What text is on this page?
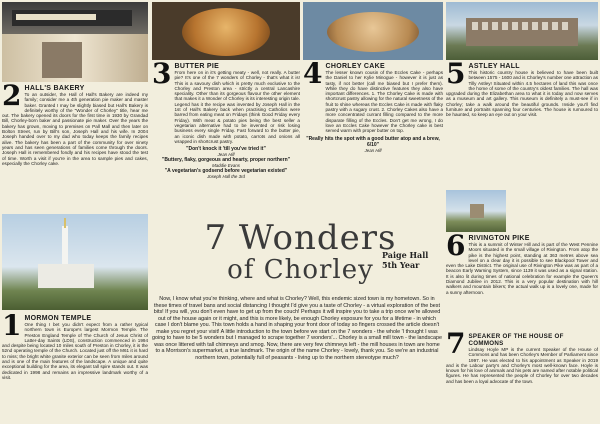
2 HALL'S BAKERY
To an outsider, the Hall of Hall's Bakery are indeed my family; consider me a 4th generation pie maker and master baker. Granted I may be slightly biased but Hall's Bakery is definitely worthy of the "Wonder of Chorley" title, hear me out. The bakery opened its doors for the first time in 1930 by Grandad Bill, Chorley-born baker and passionate pie maker. Over the years the bakery has grown, moving to premises on Pall Mall and then later on Bolton Street, run by Bill's son, Joseph Hall and his wife. In 2004 Joseph handed over to my dad who today keeps the family recipes alive. The bakery has been a part of the community for over ninety years and has seen generations of families come through the doors. Joseph Hall is remembered fondly and his recipes have stood the test of time. Worth a visit if you're in the area to sample pies and cakes, especially the Chorley cake.
3 BUTTER PIE
From here on in it's getting meaty - well, not really. A butter pie? It's one of the 7 wonders of Chorley - that's what it is! This is a savoury dish which is pretty much exclusive to the Chorley and Preston area - strictly a central Lancashire speciality. Other than its gorgeous flavour the other element that makes it a Wonder of Chorley is its interesting origin tale. Legend has it the recipe was invented by Joseph Hall in the 1st of Hall's Bakery back when practising Catholics were barred from eating meat on Fridays (think Good Friday every Friday). With meat & potato pies being the best seller a vegetarian alternative had to be invented or risk losing business every single Friday. Fast forward to the butter pie, an iconic dish made with potato, carrots and onions all wrapped in shortcrust pastry.
"Don't knock it 'till you've tried it"
Jean Hill
"Buttery, flaky, gorgeous and hearty, proper northern"
Maddie Evans
"A vegetarian's godsend before vegetarian existed"
Joseph Hall the 3rd
4 CHORLEY CAKE
The lesser known cousin of the Eccles Cake - perhaps the Daniel to her Kylie Minogue - however it is just as tasty, if not better (call me biased but I prefer them). While they do have distinctive features they also have important differences. 1. The Chorley Cake is made with shortcrust pastry allowing for the natural sweetness of the fruit to shine whereas the Eccles Cake is made with flaky pastry with a sugary crust. 2. Chorley Cakes also have a more concentrated currant filling compared to the more disparate filling of the Eccles. Don't get me wrong, I do love an Eccles Cake however the Chorley cake is best served warm with proper butter on top.
"Really hits the spot with a good butter atop and a brew, 6/10"
Jean Hill
5 ASTLEY HALL
This historic country house is believed to have been built between 1575 - 1600 and is Chorley's number one attraction as Tilly Astley! Situated within 4.5 hectares of land this was once the home of some of the country's oldest families. The hall was upgraded during the Elizabethan area to what it is today and now serves as a museum and art gallery. This museum is definitely a must-see if in Chorley; take a walk around the beautiful grounds. Inside you'll find furniture and portraits spanning four centuries. The house is rumoured to be haunted, so keep an eye out on your visit.
6 RIVINGTON PIKE
This is a summit of Winter Hill and is part of the West Pennine Moors situated in the small village of Rivington. From atop the pike is the highest point, standing at 363 metres above sea level on a clear day it is possible to see Blackpool Tower and even the Lake District. The original use of Rivington Pike was as part of a beacon Early Warning System, since 1139 it was used as a signal station. It is also lit during times of national celebration for example the Queen's Diamond Jubilee in 2012. This is a very popular destination with hill walkers and mountain bikers; the actual walk up is a lovely one, made for a sunny afternoon.
7 Wonders
of Chorley	Paige Hall
5th Year
1 MORMON TEMPLE
One thing I bet you didn't expect from a rather typical northern town is Europe's largest Mormon Temple. The Preston England Temple of The Church of Jesus Christ of Latter-day Saints (LDS), construction commenced in 1994 and despite being located 10 miles south of Preston in Chorley, it is the 52nd operating temple of the Church. Located just off the M61 it is hard to miss; the bright white granite exterior can be seen from miles around and is one of the main features of the landscape. A unique and quite exceptional building for the area, its elegant tall spire stands out. It was dedicated in 1998 and remains an impressive landmark worthy of a visit.
Now, I know what you're thinking, where and what is Chorley? Well, this endemic sized town is my hometown. So in these times of travel bans and social distancing I thought I'd give you a taste of Chorley - a virtual exploration of the best bits! If you will, you don't even have to get up from the couch! Perhaps it will inspire you to take a trip once we're allowed out of the house again or it might, and this is more likely, be enough Chorley exposure for you for a lifetime - in which case I don't blame you. This town holds a hand in shaping your front door of today so fingers crossed the article doesn't make you regret your visit! A little introduction to the town before we start on the 7 wonders - the whole 'I thought I was going to have to be 5 wonders but I managed to scrape together 7 wonders'... Chorley is a small mill town - the landscape was once littered with tall chimneys and smog. Now, there are very few chimneys left - the mill houses in town are home to a Morrison's supermarket, a true landmark. The origin of the name Chorley - lovely, thank you. So we're an industrial northern town, potentially full of peasants - living up to the northern stereotype much?	7 SPEAKER OF THE HOUSE OF COMMONS
Lindsay Hoyle MP is the current Speaker of the House of Commons and has been Chorley's Member of Parliament since 1997. He was elected to his appointment as Speaker in 2019 and is the Labour party's and Chorley's most well-known face. Hoyle is known for his love of animals and his pets are named after notable political figures. He has represented the people of Chorley for over two decades and has been a loyal advocate of the town.
